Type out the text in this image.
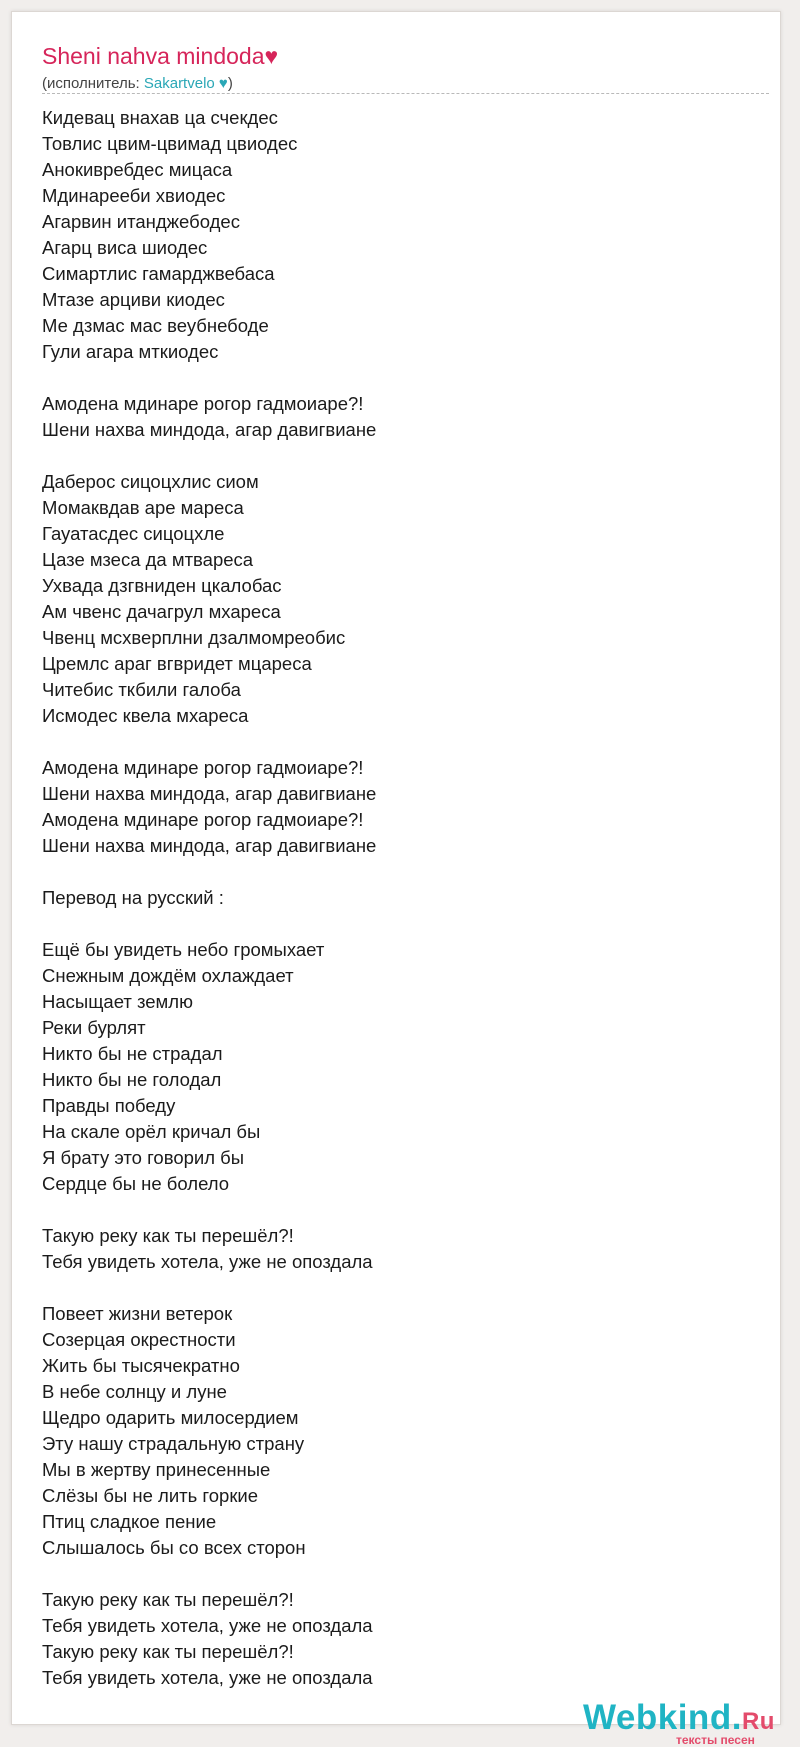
Sheni nahva mindoda♥
(исполнитель: Sakartvelo ♥)
Кидевац внахав ца счекдес
Товлис цвим-цвимад цвиодес
Анокивребдес мицаса
Мдинарееби хвиодес
Агарвин итанджебодес
Агарц виса шиодес
Симартлис гамарджвебаса
Мтазе арциви киодес
Ме дзмас мас веубнебоде
Гули агара мткиодес
Амодена мдинаре рогор гадмоиаре?!
Шени нахва миндода, агар давигвиане
Даберос сицоцхлис сиом
Момаквдав аре мареса
Гауатасдес сицоцхле
Цазе мзеса да мтвареса
Ухвада дзгвниден цкалобас
Ам чвенс дачагрул мхареса
Чвенц мсхверплни дзалмомреобис
Цремлс араг вгвридет мцареса
Читебис ткбили галоба
Исмодес квела мхареса
Амодена мдинаре рогор гадмоиаре?!
Шени нахва миндода, агар давигвиане
Амодена мдинаре рогор гадмоиаре?!
Шени нахва миндода, агар давигвиане
Перевод на русский :
Ещё бы увидеть небо громыхает
Снежным дождём охлаждает
Насыщает землю
Реки бурлят
Никто бы не страдал
Никто бы не голодал
Правды победу
На скале орёл кричал бы
Я брату это говорил бы
Сердце бы не болело
Такую реку как ты перешёл?!
Тебя увидеть хотела, уже не опоздала
Повеет жизни ветерок
Созерцая окрестности
Жить бы тысячекратно
В небе солнцу и луне
Щедро одарить милосердием
Эту нашу страдальную страну
Мы в жертву принесенные
Слёзы бы не лить горкие
Птиц сладкое пение
Слышалось бы со всех сторон
Такую реку как ты перешёл?!
Тебя увидеть хотела, уже не опоздала
Такую реку как ты перешёл?!
Тебя увидеть хотела, уже не опоздала
Webkind.Ru
тексты песен
